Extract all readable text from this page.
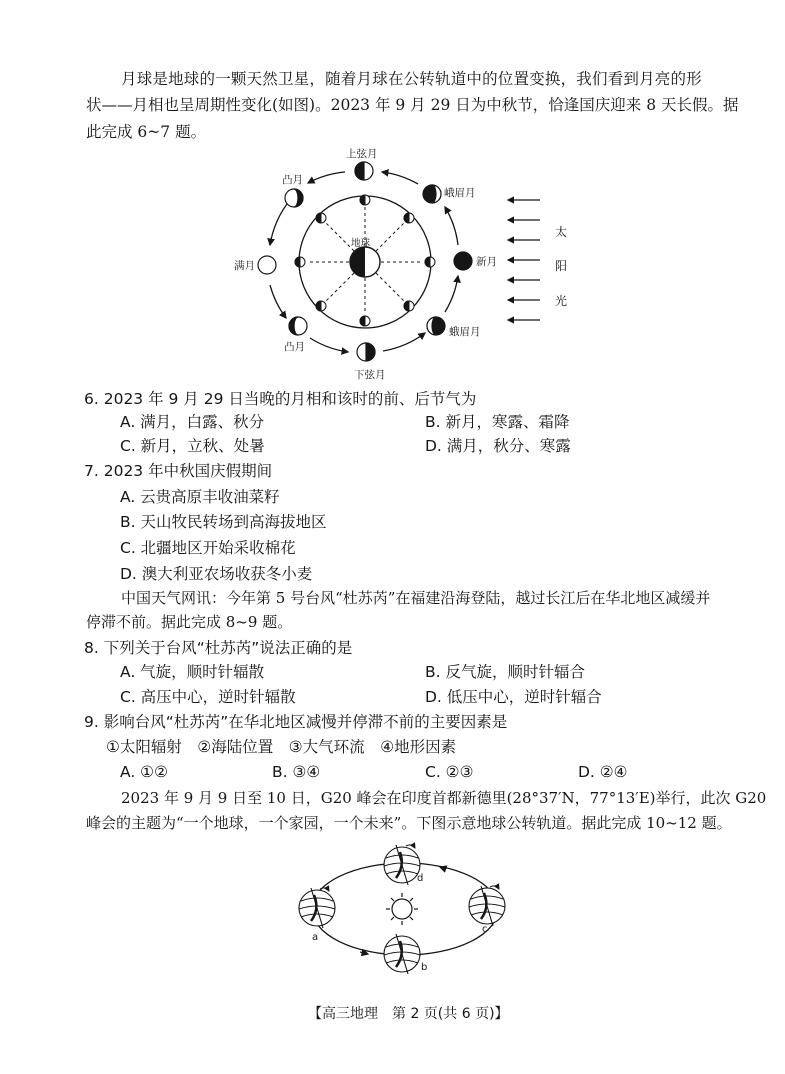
月球是地球的一颗天然卫星，随着月球在公转轨道中的位置变换，我们看到月亮的形
状——月相也呈周期性变化(如图)。2023 年 9 月 29 日为中秋节，恰逢国庆迎来 8 天长假。据
此完成 6~7 题。
上弦月
峨眉月
新月
蛾眉月
下弦月
凸月
满月
凸月
地球
太
阳
光
6. 2023 年 9 月 29 日当晚的月相和该时的前、后节气为
A. 满月，白露、秋分	B. 新月，寒露、霜降
C. 新月，立秋、处暑	D. 满月，秋分、寒露
7. 2023 年中秋国庆假期间
A. 云贵高原丰收油菜籽
B. 天山牧民转场到高海拔地区
C. 北疆地区开始采收棉花
D. 澳大利亚农场收获冬小麦
中国天气网讯：今年第 5 号台风“杜苏芮”在福建沿海登陆，越过长江后在华北地区减缓并
停滞不前。据此完成 8~9 题。
8. 下列关于台风“杜苏芮”说法正确的是
A. 气旋，顺时针辐散	B. 反气旋，顺时针辐合
C. 高压中心，逆时针辐散	D. 低压中心，逆时针辐合
9. 影响台风“杜苏芮”在华北地区减慢并停滞不前的主要因素是
①太阳辐射　②海陆位置　③大气环流　④地形因素
A. ①②	B. ③④	C. ②③	D. ②④
2023 年 9 月 9 日至 10 日，G20 峰会在印度首都新德里(28°37′N，77°13′E)举行，此次 G20
峰会的主题为“一个地球，一个家园，一个未来”。下图示意地球公转轨道。据此完成 10~12 题。
d
a
c
b
【高三地理　第 2 页(共 6 页)】
